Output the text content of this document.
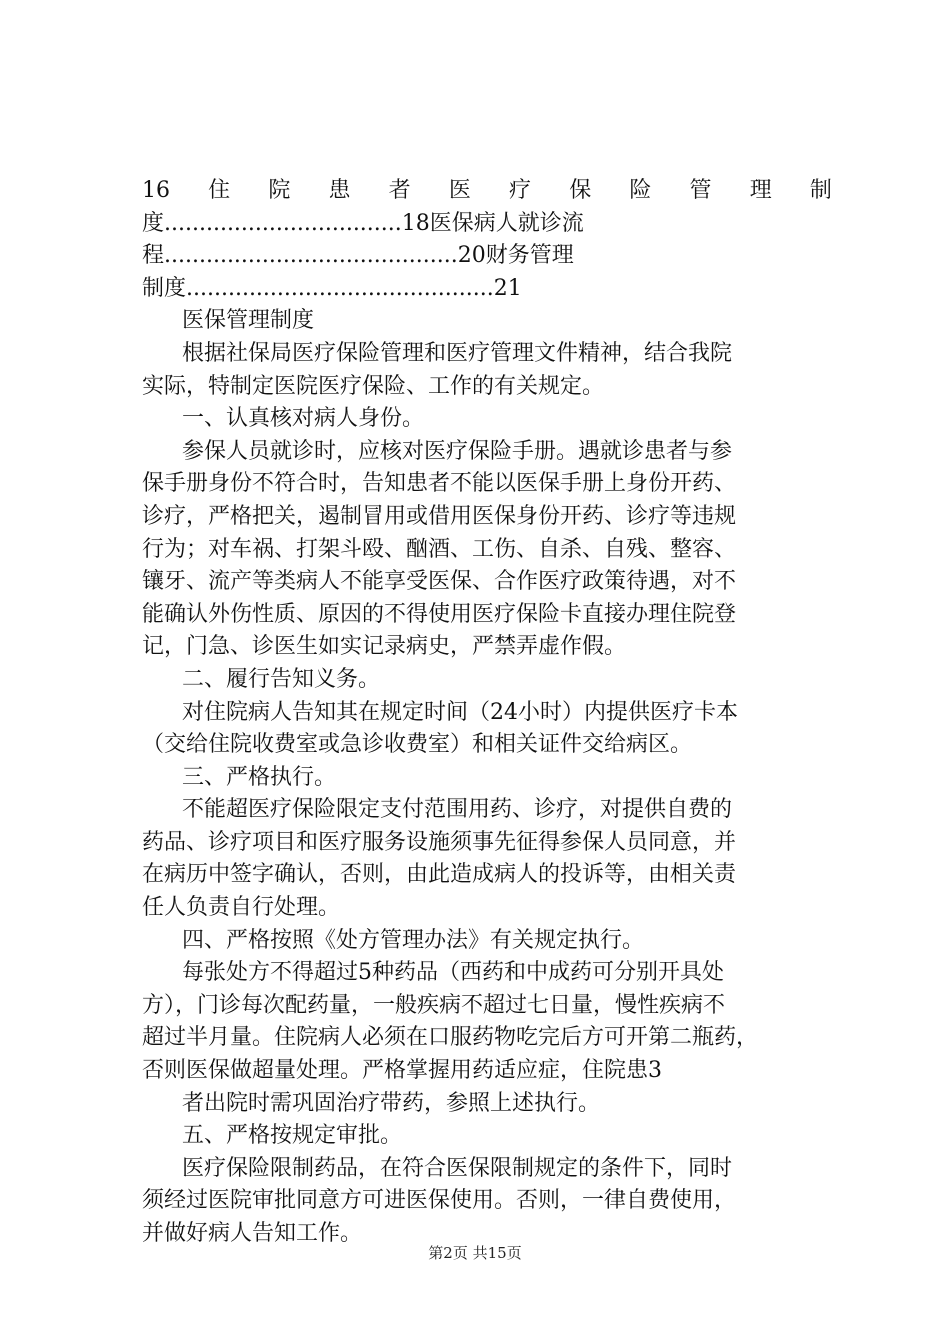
16 住 院 患 者 医 疗 保 险 管 理 制
度..................................18医保病人就诊流
程..........................................20财务管理
制度............................................21
医保管理制度
根据社保局医疗保险管理和医疗管理文件精神，结合我院
实际，特制定医院医疗保险、工作的有关规定。
一、认真核对病人身份。
参保人员就诊时，应核对医疗保险手册。遇就诊患者与参
保手册身份不符合时，告知患者不能以医保手册上身份开药、
诊疗，严格把关，遏制冒用或借用医保身份开药、诊疗等违规
行为；对车祸、打架斗殴、酗酒、工伤、自杀、自残、整容、
镶牙、流产等类病人不能享受医保、合作医疗政策待遇，对不
能确认外伤性质、原因的不得使用医疗保险卡直接办理住院登
记，门急、诊医生如实记录病史，严禁弄虚作假。
二、履行告知义务。
对住院病人告知其在规定时间（24小时）内提供医疗卡本
（交给住院收费室或急诊收费室）和相关证件交给病区。
三、严格执行。
不能超医疗保险限定支付范围用药、诊疗，对提供自费的
药品、诊疗项目和医疗服务设施须事先征得参保人员同意，并
在病历中签字确认，否则，由此造成病人的投诉等，由相关责
任人负责自行处理。
四、严格按照《处方管理办法》有关规定执行。
每张处方不得超过5种药品（西药和中成药可分别开具处
方），门诊每次配药量，一般疾病不超过七日量，慢性疾病不
超过半月量。住院病人必须在口服药物吃完后方可开第二瓶药，
否则医保做超量处理。严格掌握用药适应症，住院患3
者出院时需巩固治疗带药，参照上述执行。
五、严格按规定审批。
医疗保险限制药品，在符合医保限制规定的条件下，同时
须经过医院审批同意方可进医保使用。否则，一律自费使用，
并做好病人告知工作。
第2页 共15页
